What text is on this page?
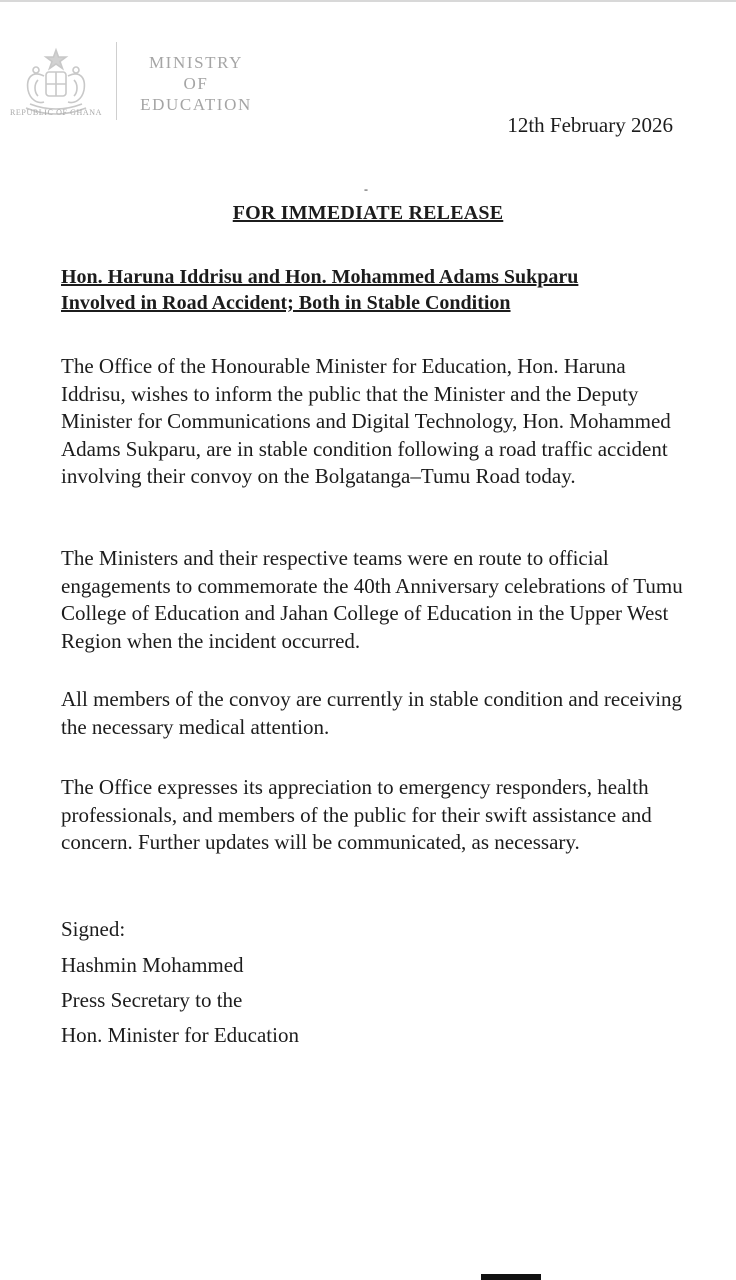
REPUBLIC OF GHANA
MINISTRY
OF
EDUCATION
12th February 2026
-
FOR IMMEDIATE RELEASE
Hon. Haruna Iddrisu and Hon. Mohammed Adams Sukparu
Involved in Road Accident; Both in Stable Condition

The Office of the Honourable Minister for Education, Hon. Haruna Iddrisu, wishes to inform the public that the Minister and the Deputy Minister for Communications and Digital Technology, Hon. Mohammed Adams Sukparu, are in stable condition following a road traffic accident involving their convoy on the Bolgatanga–Tumu Road today.

The Ministers and their respective teams were en route to official engagements to commemorate the 40th Anniversary celebrations of Tumu College of Education and Jahan College of Education in the Upper West Region when the incident occurred.

All members of the convoy are currently in stable condition and receiving the necessary medical attention.

The Office expresses its appreciation to emergency responders, health professionals, and members of the public for their swift assistance and concern. Further updates will be communicated, as necessary.

Signed:
Hashmin Mohammed
Press Secretary to the
Hon. Minister for Education
